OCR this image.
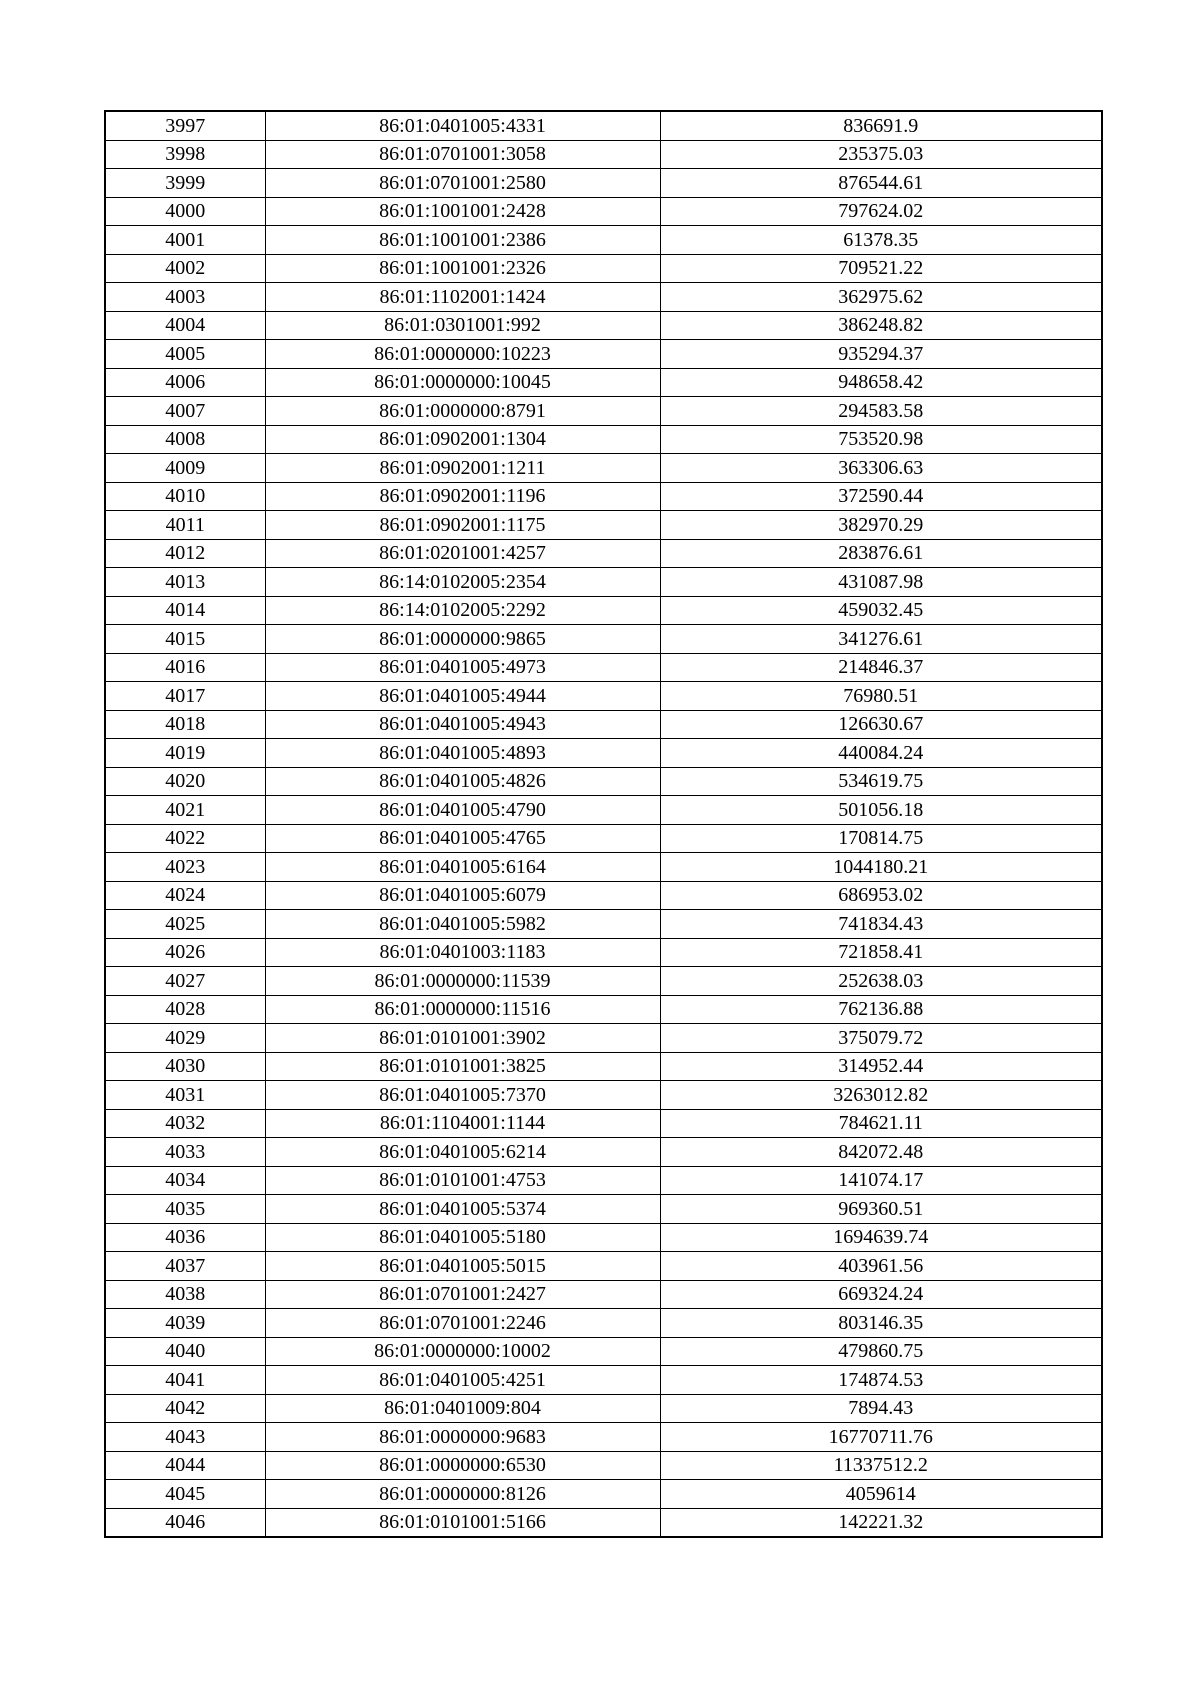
3997	86:01:0401005:4331	836691.9
3998	86:01:0701001:3058	235375.03
3999	86:01:0701001:2580	876544.61
4000	86:01:1001001:2428	797624.02
4001	86:01:1001001:2386	61378.35
4002	86:01:1001001:2326	709521.22
4003	86:01:1102001:1424	362975.62
4004	86:01:0301001:992	386248.82
4005	86:01:0000000:10223	935294.37
4006	86:01:0000000:10045	948658.42
4007	86:01:0000000:8791	294583.58
4008	86:01:0902001:1304	753520.98
4009	86:01:0902001:1211	363306.63
4010	86:01:0902001:1196	372590.44
4011	86:01:0902001:1175	382970.29
4012	86:01:0201001:4257	283876.61
4013	86:14:0102005:2354	431087.98
4014	86:14:0102005:2292	459032.45
4015	86:01:0000000:9865	341276.61
4016	86:01:0401005:4973	214846.37
4017	86:01:0401005:4944	76980.51
4018	86:01:0401005:4943	126630.67
4019	86:01:0401005:4893	440084.24
4020	86:01:0401005:4826	534619.75
4021	86:01:0401005:4790	501056.18
4022	86:01:0401005:4765	170814.75
4023	86:01:0401005:6164	1044180.21
4024	86:01:0401005:6079	686953.02
4025	86:01:0401005:5982	741834.43
4026	86:01:0401003:1183	721858.41
4027	86:01:0000000:11539	252638.03
4028	86:01:0000000:11516	762136.88
4029	86:01:0101001:3902	375079.72
4030	86:01:0101001:3825	314952.44
4031	86:01:0401005:7370	3263012.82
4032	86:01:1104001:1144	784621.11
4033	86:01:0401005:6214	842072.48
4034	86:01:0101001:4753	141074.17
4035	86:01:0401005:5374	969360.51
4036	86:01:0401005:5180	1694639.74
4037	86:01:0401005:5015	403961.56
4038	86:01:0701001:2427	669324.24
4039	86:01:0701001:2246	803146.35
4040	86:01:0000000:10002	479860.75
4041	86:01:0401005:4251	174874.53
4042	86:01:0401009:804	7894.43
4043	86:01:0000000:9683	16770711.76
4044	86:01:0000000:6530	11337512.2
4045	86:01:0000000:8126	4059614
4046	86:01:0101001:5166	142221.32
